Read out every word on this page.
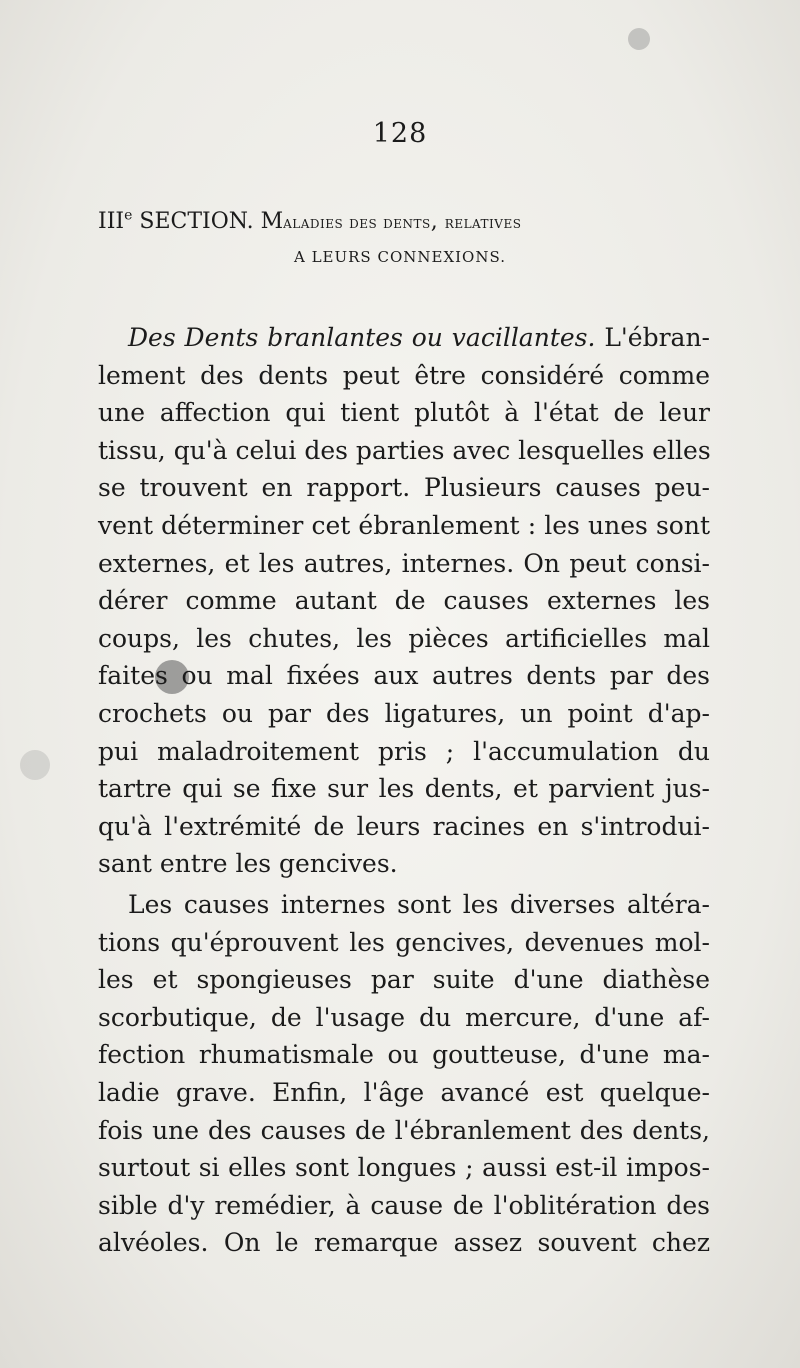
128
IIIe SECTION. Maladies des dents, relatives
A LEURS CONNEXIONS.
Des Dents branlantes ou vacillantes. L'ébran-
lement des dents peut être considéré comme
une affection qui tient plutôt à l'état de leur
tissu, qu'à celui des parties avec lesquelles elles
se trouvent en rapport. Plusieurs causes peu-
vent déterminer cet ébranlement : les unes sont
externes, et les autres, internes. On peut consi-
dérer comme autant de causes externes les
coups, les chutes, les pièces artificielles mal
faites ou mal fixées aux autres dents par des
crochets ou par des ligatures, un point d'ap-
pui maladroitement pris ; l'accumulation du
tartre qui se fixe sur les dents, et parvient jus-
qu'à l'extrémité de leurs racines en s'introdui-
sant entre les gencives.
Les causes internes sont les diverses altéra-
tions qu'éprouvent les gencives, devenues mol-
les et spongieuses par suite d'une diathèse
scorbutique, de l'usage du mercure, d'une af-
fection rhumatismale ou goutteuse, d'une ma-
ladie grave. Enfin, l'âge avancé est quelque-
fois une des causes de l'ébranlement des dents,
surtout si elles sont longues ; aussi est-il impos-
sible d'y remédier, à cause de l'oblitération des
alvéoles. On le remarque assez souvent chez
